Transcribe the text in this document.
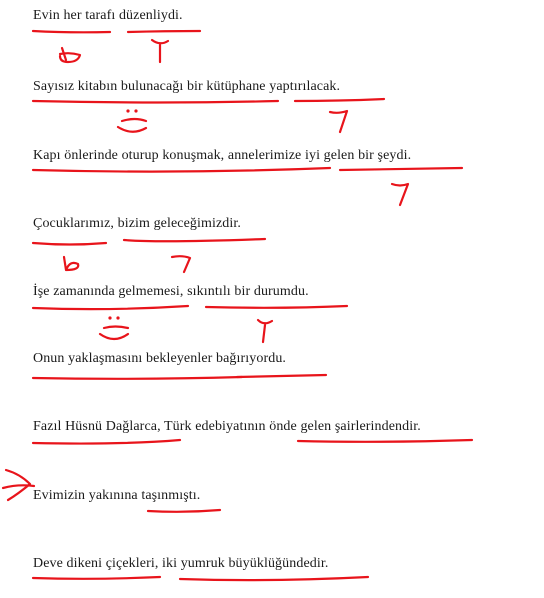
Evin her tarafı düzenliydi.

Sayısız kitabın bulunacağı bir kütüphane yaptırılacak.

Kapı önlerinde oturup konuşmak, annelerimize iyi gelen bir şeydi.

Çocuklarımız, bizim geleceğimizdir.

İşe zamanında gelmemesi, sıkıntılı bir durumdu.

Onun yaklaşmasını bekleyenler bağırıyordu.

Fazıl Hüsnü Dağlarca, Türk edebiyatının önde gelen şairlerindendir.

Evimizin yakınına taşınmıştı.

Deve dikeni çiçekleri, iki yumruk büyüklüğündedir.
